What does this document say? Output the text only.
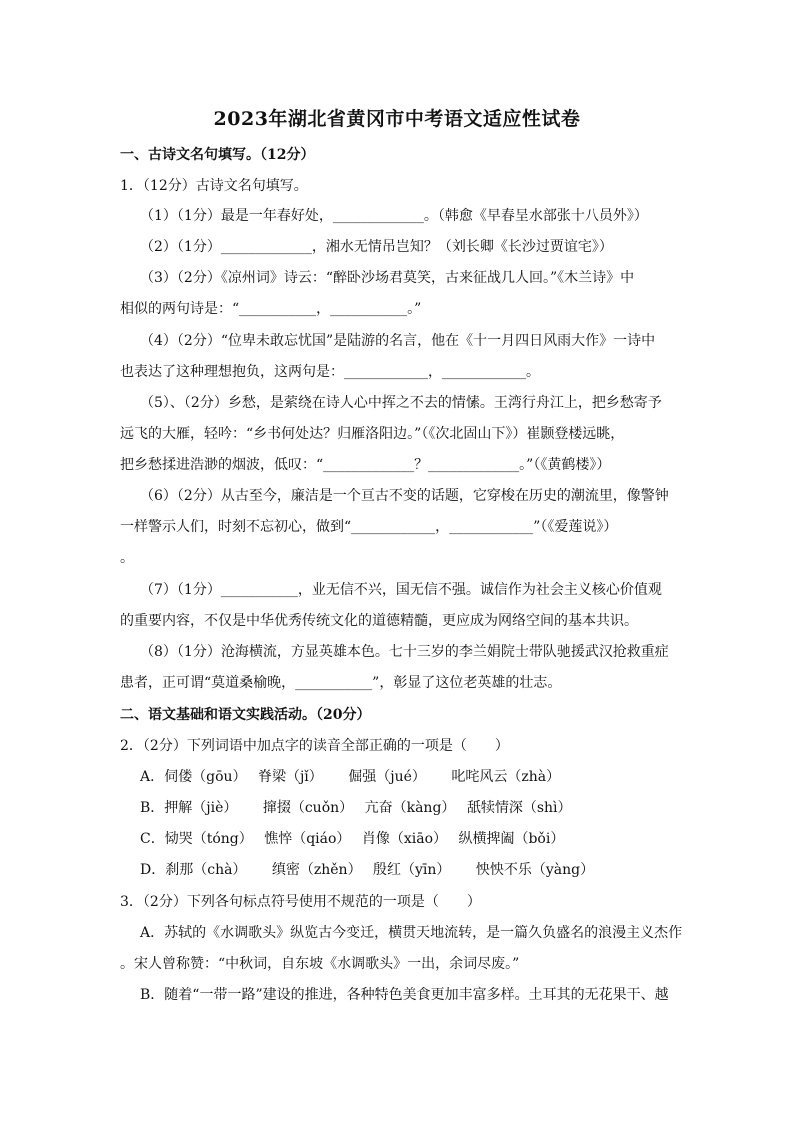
2023年湖北省黄冈市中考语文适应性试卷
一、古诗文名句填写。（12分）
1．（12分）古诗文名句填写。
（1）（1分）最是一年春好处，_____________。（韩愈《早春呈水部张十八员外》）
（2）（1分）_____________，湘水无情吊岂知？（刘长卿《长沙过贾谊宅》）
（3）（2分）《凉州词》诗云：“醉卧沙场君莫笑，古来征战几人回。”《木兰诗》中
相似的两句诗是：“___________，___________。”
（4）（2分）“位卑未敢忘忧国”是陆游的名言，他在《十一月四日风雨大作》一诗中
也表达了这种理想抱负，这两句是：____________，____________。
（5）、（2分）乡愁，是萦绕在诗人心中挥之不去的情愫。王湾行舟江上，把乡愁寄予
远飞的大雁，轻吟：“乡书何处达？归雁洛阳边。”（《次北固山下》）崔颢登楼远眺，
把乡愁揉进浩渺的烟波，低叹：“_____________？_____________。”（《黄鹤楼》）
（6）（2分）从古至今，廉洁是一个亘古不变的话题，它穿梭在历史的潮流里，像警钟
一样警示人们，时刻不忘初心，做到“____________，____________”（《爱莲说》）
。
（7）（1分）___________，业无信不兴，国无信不强。诚信作为社会主义核心价值观
的重要内容，不仅是中华优秀传统文化的道德精髓，更应成为网络空间的基本共识。
（8）（1分）沧海横流，方显英雄本色。七十三岁的李兰娟院士带队驰援武汉抢救重症
患者，正可谓“莫道桑榆晚，___________”，彰显了这位老英雄的壮志。
二、语文基础和语文实践活动。（20分）
2．（2分）下列词语中加点字的读音全部正确的一项是（　　）
A．伺偻（gōu）　 脊梁（jǐ）　　 倔强（jué）　　 叱咤风云（zhà）
B．押解（jiè）　　 撺掇（cuǒn）　 亢奋（kàng）　 舐犊情深（shì）
C．恸哭（tóng）　 憔悴（qiáo）　 肖像（xiāo）　 纵横捭阖（bǒi）
D．刹那（chà）　　 缜密（zhěn）　 殷红（yīn）　　 怏怏不乐（yàng）
3．（2分）下列各句标点符号使用不规范的一项是（　　）
A．苏轼的《水调歌头》纵览古今变迁，横贯天地流转，是一篇久负盛名的浪漫主义杰作
。宋人曾称赞：“中秋词，自东坡《水调歌头》一出，余词尽废。”
B．随着“一带一路”建设的推进，各种特色美食更加丰富多样。土耳其的无花果干、越
